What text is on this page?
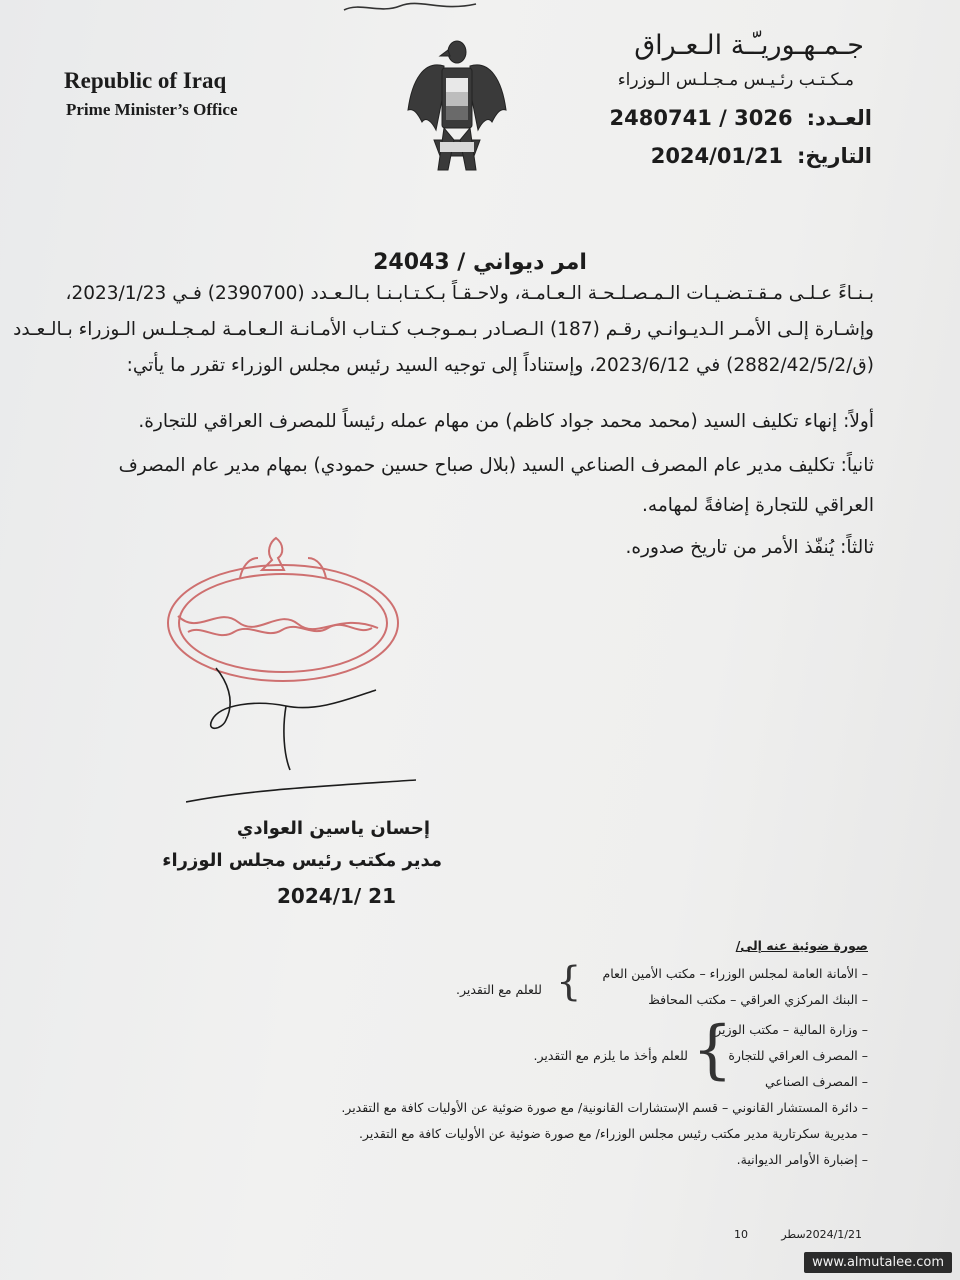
Republic of Iraq
Prime Minister’s Office
جـمـهـوريـّـة الـعـراق
مـكـتـب رئـيـس مـجـلـس الـوزراء
العـدد:
2480741 / 3026
التاريخ:
2024/01/21
امر ديواني / 24043
بـنـاءً عـلـى مـقـتـضـيـات الـمـصـلـحـة الـعـامـة، ولاحـقـاً بـكـتـابـنـا بـالـعـدد (2390700) فـي 2023/1/23،
وإشـارة إلـى الأمـر الـديـوانـي رقـم (187) الـصـادر بـمـوجـب كـتـاب الأمـانـة الـعـامـة لمـجـلـس الـوزراء بـالـعـدد
(ق/2882/42/5/2) في 2023/6/12، وإستناداً إلى توجيه السيد رئيس مجلس الوزراء تقرر ما يأتي:
أولاً: إنهاء تكليف السيد (محمد محمد جواد كاظم) من مهام عمله رئيساً للمصرف العراقي للتجارة.
ثانياً: تكليف مدير عام المصرف الصناعي السيد (بلال صباح حسين حمودي) بمهام مدير عام المصرف
العراقي للتجارة إضافةً لمهامه.
ثالثاً: يُنفّذ الأمر من تاريخ صدوره.
إحسان ياسين العوادي
مدير مكتب رئيس مجلس الوزراء
2024/1/ 21
صورة ضوئية عنه إلى/
– الأمانة العامة لمجلس الوزراء – مكتب الأمين العام
– البنك المركزي العراقي – مكتب المحافظ
{
للعلم مع التقدير.
– وزارة المالية – مكتب الوزير
– المصرف العراقي للتجارة
– المصرف الصناعي
{
للعلم وأخذ ما يلزم مع التقدير.
– دائرة المستشار القانوني – قسم الإستشارات القانونية/ مع صورة ضوئية عن الأوليات كافة مع التقدير.
– مديرية سكرتارية مدير مكتب رئيس مجلس الوزراء/ مع صورة ضوئية عن الأوليات كافة مع التقدير.
– إضبارة الأوامر الديوانية.
10	2024/1/21سطر
www.almutalee.com
